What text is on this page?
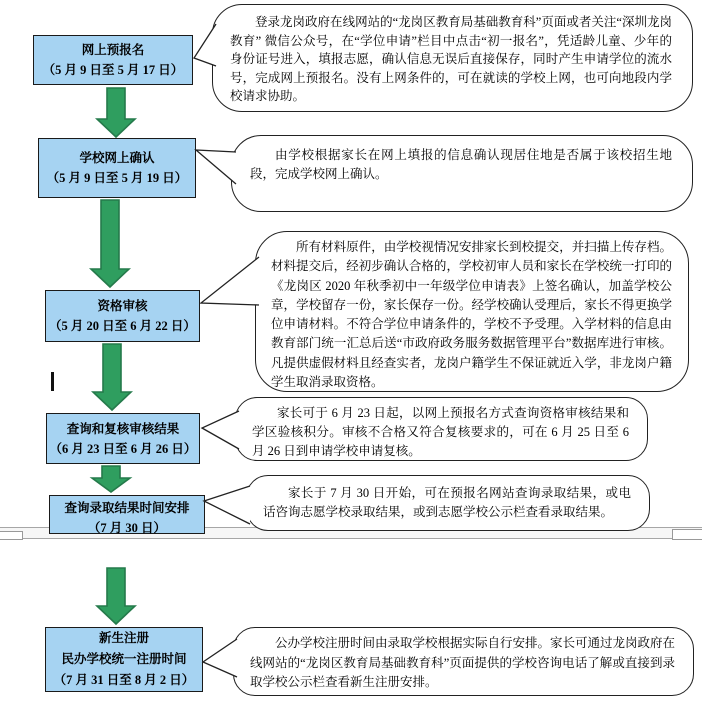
网上预报名
（5 月 9 日至 5 月 17 日）
学校网上确认
（5 月 9 日至 5 月 19 日）
资格审核
（5 月 20 日至 6 月 22 日）
查询和复核审核结果
（6 月 23 日至 6 月 26 日）
查询录取结果时间安排
（7 月 30 日）
新生注册
民办学校统一注册时间
（7 月 31 日至 8 月 2 日）

登录龙岗政府在线网站的“龙岗区教育局基础教育科”页面或者关注“深圳龙岗教育” 微信公众号，在“学位申请”栏目中点击“初一报名”，凭适龄儿童、少年的身份证号进入，填报志愿，确认信息无误后直接保存，同时产生申请学位的流水号，完成网上预报名。没有上网条件的，可在就读的学校上网，也可向地段内学校请求协助。

由学校根据家长在网上填报的信息确认现居住地是否属于该校招生地段，完成学校网上确认。

所有材料原件，由学校视情况安排家长到校提交，并扫描上传存档。材料提交后，经初步确认合格的，学校初审人员和家长在学校统一打印的《龙岗区 2020 年秋季初中一年级学位申请表》上签名确认，加盖学校公章，学校留存一份，家长保存一份。经学校确认受理后，家长不得更换学位申请材料。不符合学位申请条件的，学校不予受理。入学材料的信息由教育部门统一汇总后送“市政府政务服务数据管理平台”数据库进行审核。凡提供虚假材料且经查实者，龙岗户籍学生不保证就近入学，非龙岗户籍学生取消录取资格。

家长可于 6 月 23 日起，以网上预报名方式查询资格审核结果和学区验核积分。审核不合格又符合复核要求的，可在 6 月 25 日至 6 月 26 日到申请学校申请复核。

家长于 7 月 30 日开始，可在预报名网站查询录取结果，或电话咨询志愿学校录取结果，或到志愿学校公示栏查看录取结果。

公办学校注册时间由录取学校根据实际自行安排。家长可通过龙岗政府在线网站的“龙岗区教育局基础教育科”页面提供的学校咨询电话了解或直接到录取学校公示栏查看新生注册安排。
